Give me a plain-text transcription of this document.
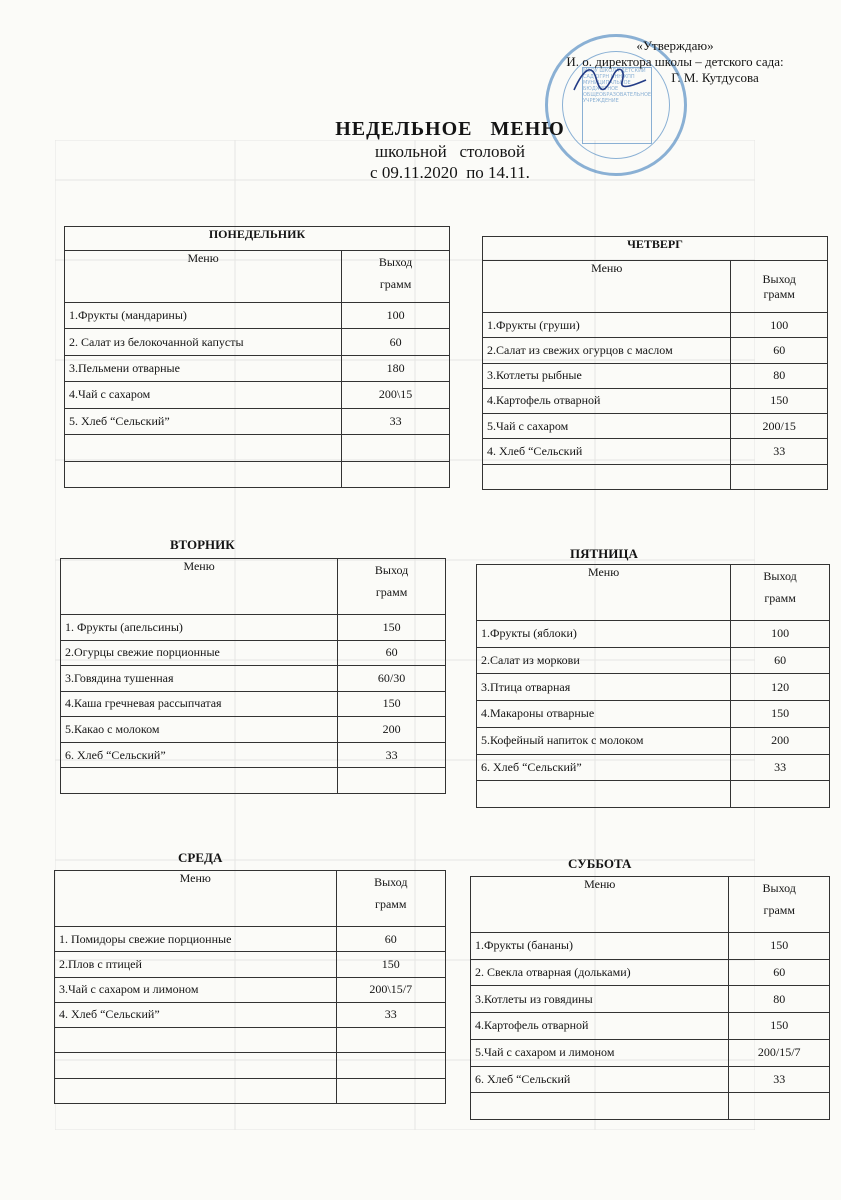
МБОУ ШКОЛА ДЕТСКИЙ САД ОГРН ИНН КПП МУНИЦИПАЛЬНОЕ БЮДЖЕТНОЕ ОБЩЕОБРАЗОВАТЕЛЬНОЕ УЧРЕЖДЕНИЕ
«Утверждаю»
И. о. директора школы – детского сада:
Г. М. Кутдусова
НЕДЕЛЬНОЕ   МЕНЮ
школьной   столовой
с 09.11.2020  по 14.11.
ПОНЕДЕЛЬНИК	
Меню	Выход
грамм
1.Фрукты (мандарины)	100
2. Салат из белокочанной капусты	60
3.Пельмени отварные	180
4.Чай с сахаром	200\15
5. Хлеб “Сельский”	33

ЧЕТВЕРГ	
Меню	Выход
грамм
1.Фрукты (груши)	100
2.Салат из свежих огурцов с маслом	60
3.Котлеты рыбные	80
4.Картофель отварной	150
5.Чай с сахаром	200/15
4. Хлеб “Сельский	33

ВТОРНИК
Меню	Выход
грамм
1. Фрукты (апельсины)	150
2.Огурцы свежие порционные	60
3.Говядина тушенная	60/30
4.Каша гречневая рассыпчатая	150
5.Какао с молоком	200
6. Хлеб “Сельский”	33

ПЯТНИЦА
Меню	Выход
грамм
1.Фрукты (яблоки)	100
2.Салат из моркови	60
3.Птица отварная	120
4.Макароны отварные	150
5.Кофейный напиток с молоком	200
6. Хлеб “Сельский”	33

СРЕДА
Меню	Выход
грамм
1. Помидоры свежие порционные	60
2.Плов с птицей	150
3.Чай с сахаром и лимоном	200\15/7
4. Хлеб “Сельский”	33

СУББОТА
Меню	Выход
грамм
1.Фрукты (бананы)	150
2. Свекла отварная (дольками)	60
3.Котлеты из говядины	80
4.Картофель отварной	150
5.Чай с сахаром и лимоном	200/15/7
6. Хлеб “Сельский	33
